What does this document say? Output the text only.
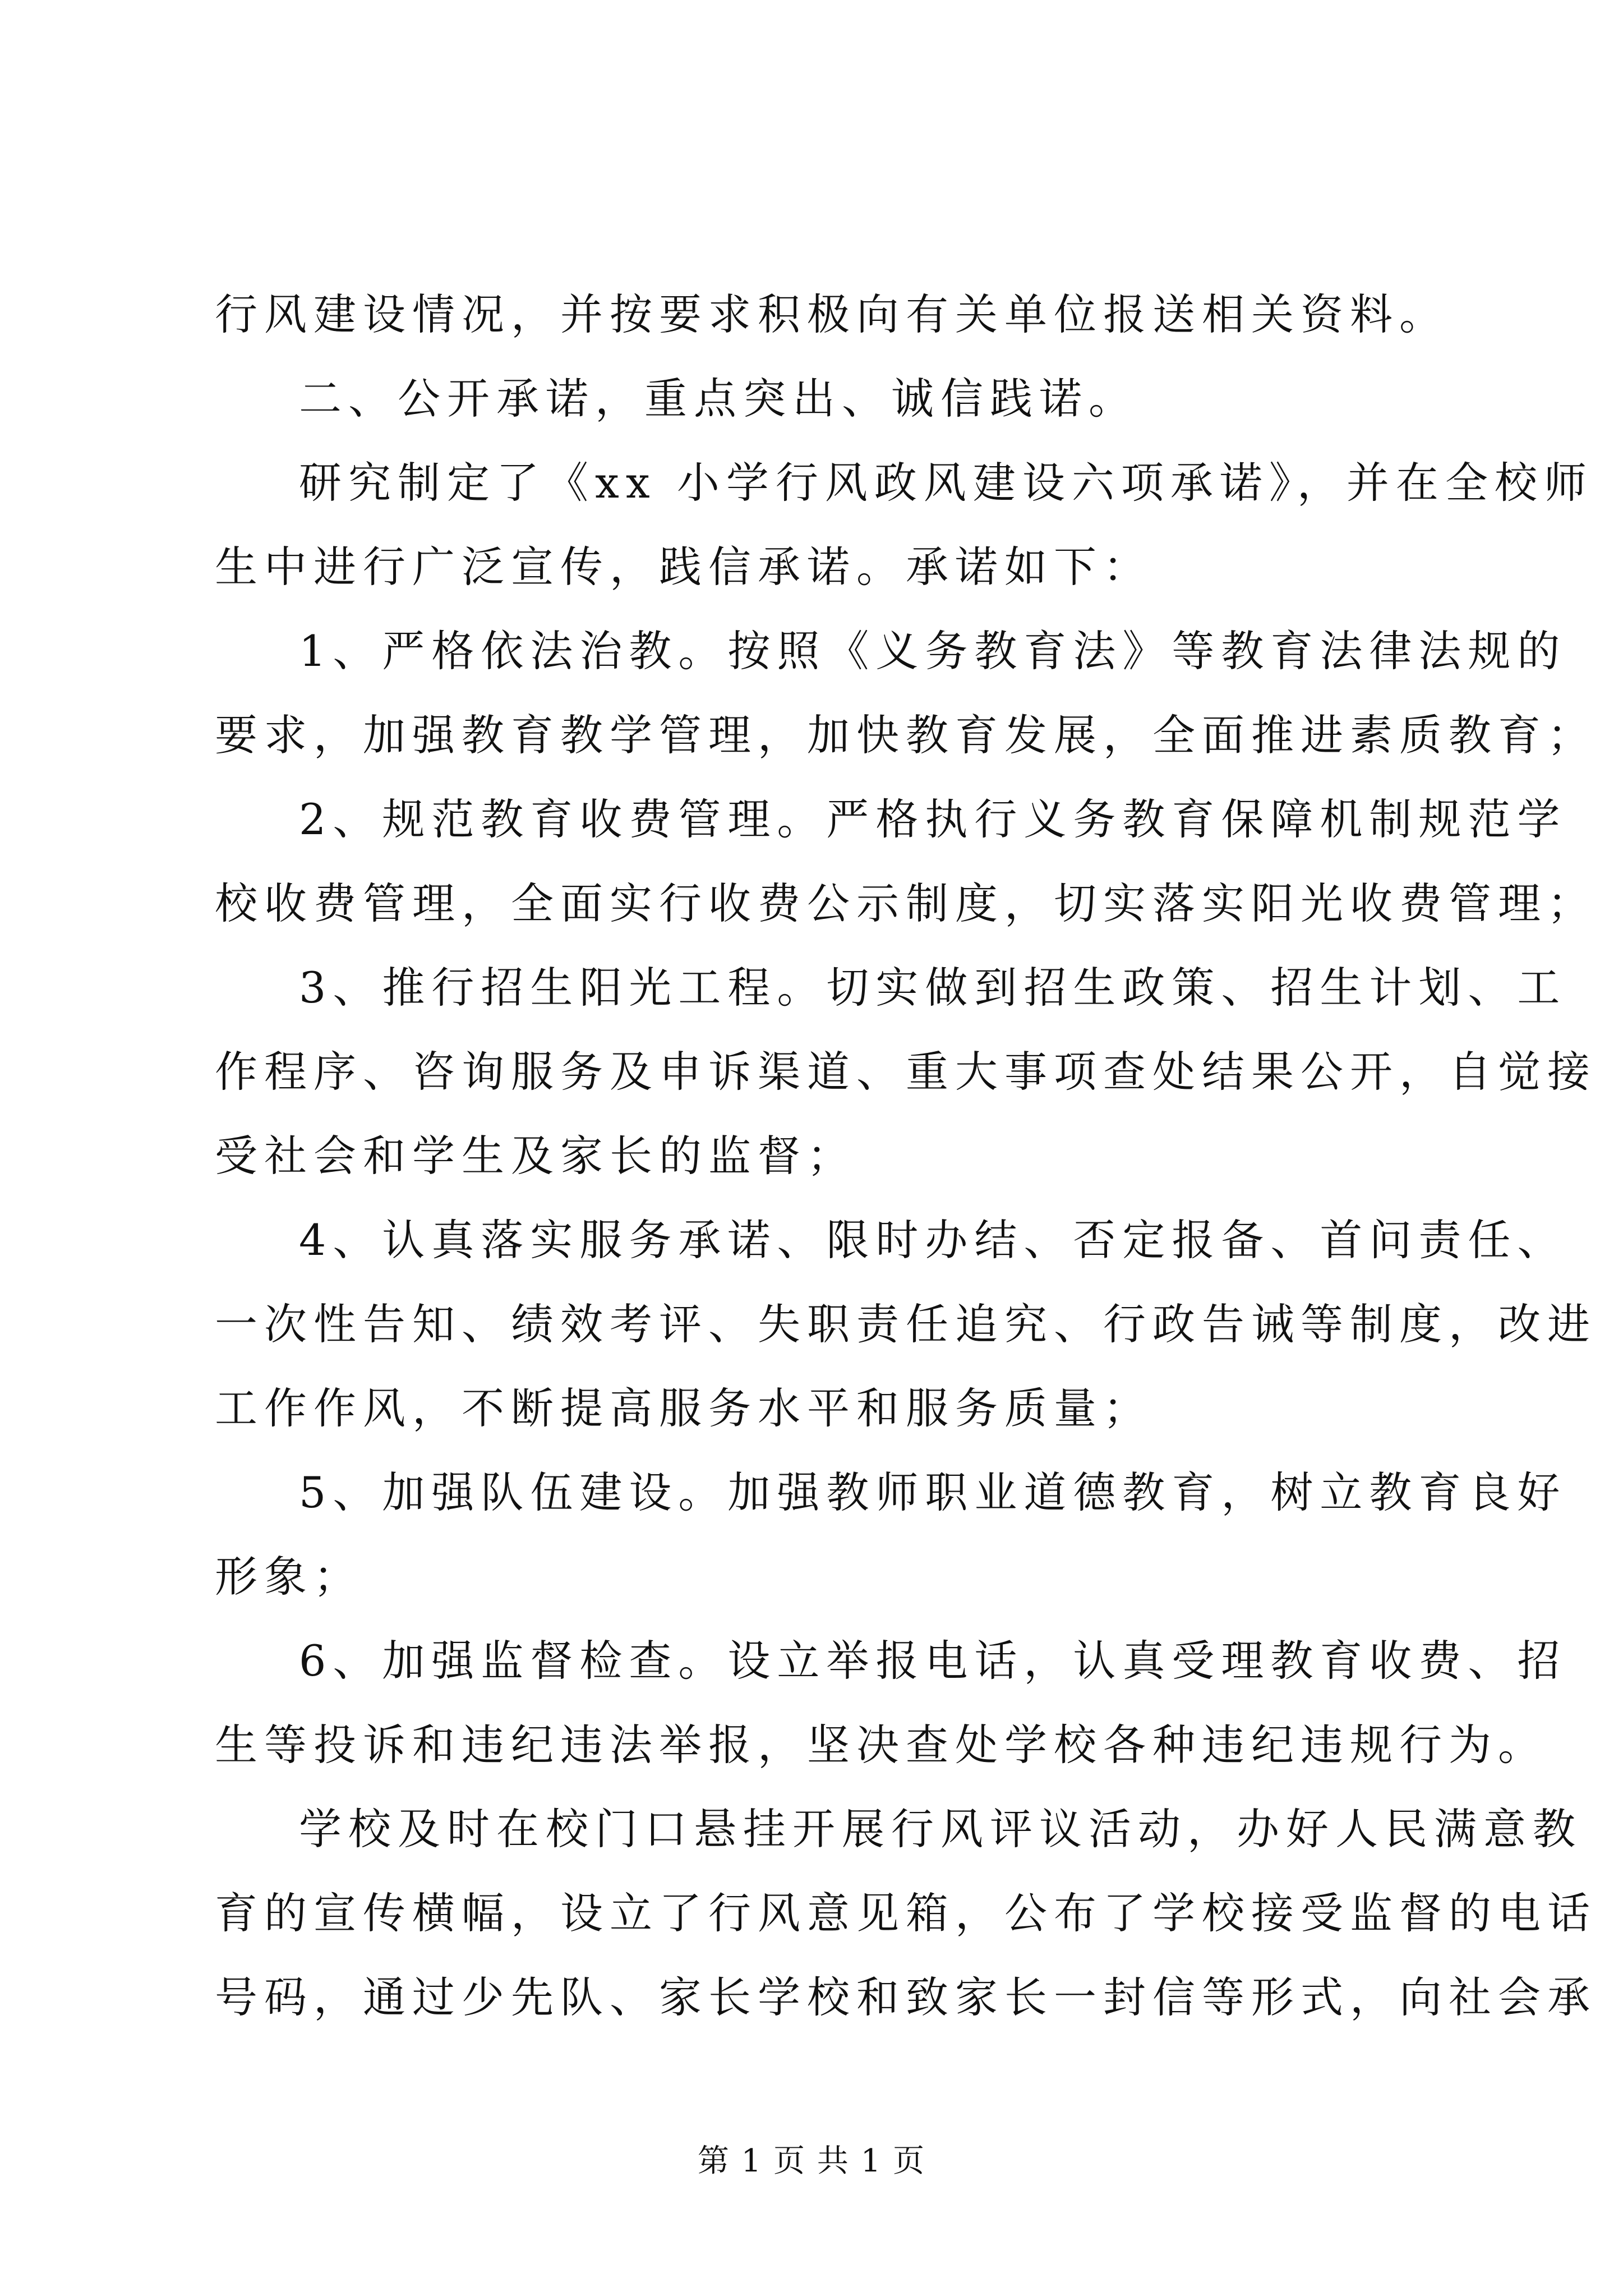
行风建设情况，并按要求积极向有关单位报送相关资料。

二、公开承诺，重点突出、诚信践诺。

研究制定了《xx 小学行风政风建设六项承诺》，并在全校师

生中进行广泛宣传，践信承诺。承诺如下：

1、严格依法治教。按照《义务教育法》等教育法律法规的

要求，加强教育教学管理，加快教育发展，全面推进素质教育；

2、规范教育收费管理。严格执行义务教育保障机制规范学

校收费管理，全面实行收费公示制度，切实落实阳光收费管理；

3、推行招生阳光工程。切实做到招生政策、招生计划、工

作程序、咨询服务及申诉渠道、重大事项查处结果公开，自觉接

受社会和学生及家长的监督；

4、认真落实服务承诺、限时办结、否定报备、首问责任、

一次性告知、绩效考评、失职责任追究、行政告诫等制度，改进

工作作风，不断提高服务水平和服务质量；

5、加强队伍建设。加强教师职业道德教育，树立教育良好

形象；

6、加强监督检查。设立举报电话，认真受理教育收费、招

生等投诉和违纪违法举报，坚决查处学校各种违纪违规行为。

学校及时在校门口悬挂开展行风评议活动，办好人民满意教

育的宣传横幅，设立了行风意见箱，公布了学校接受监督的电话

号码，通过少先队、家长学校和致家长一封信等形式，向社会承

第 1 页 共 1 页
